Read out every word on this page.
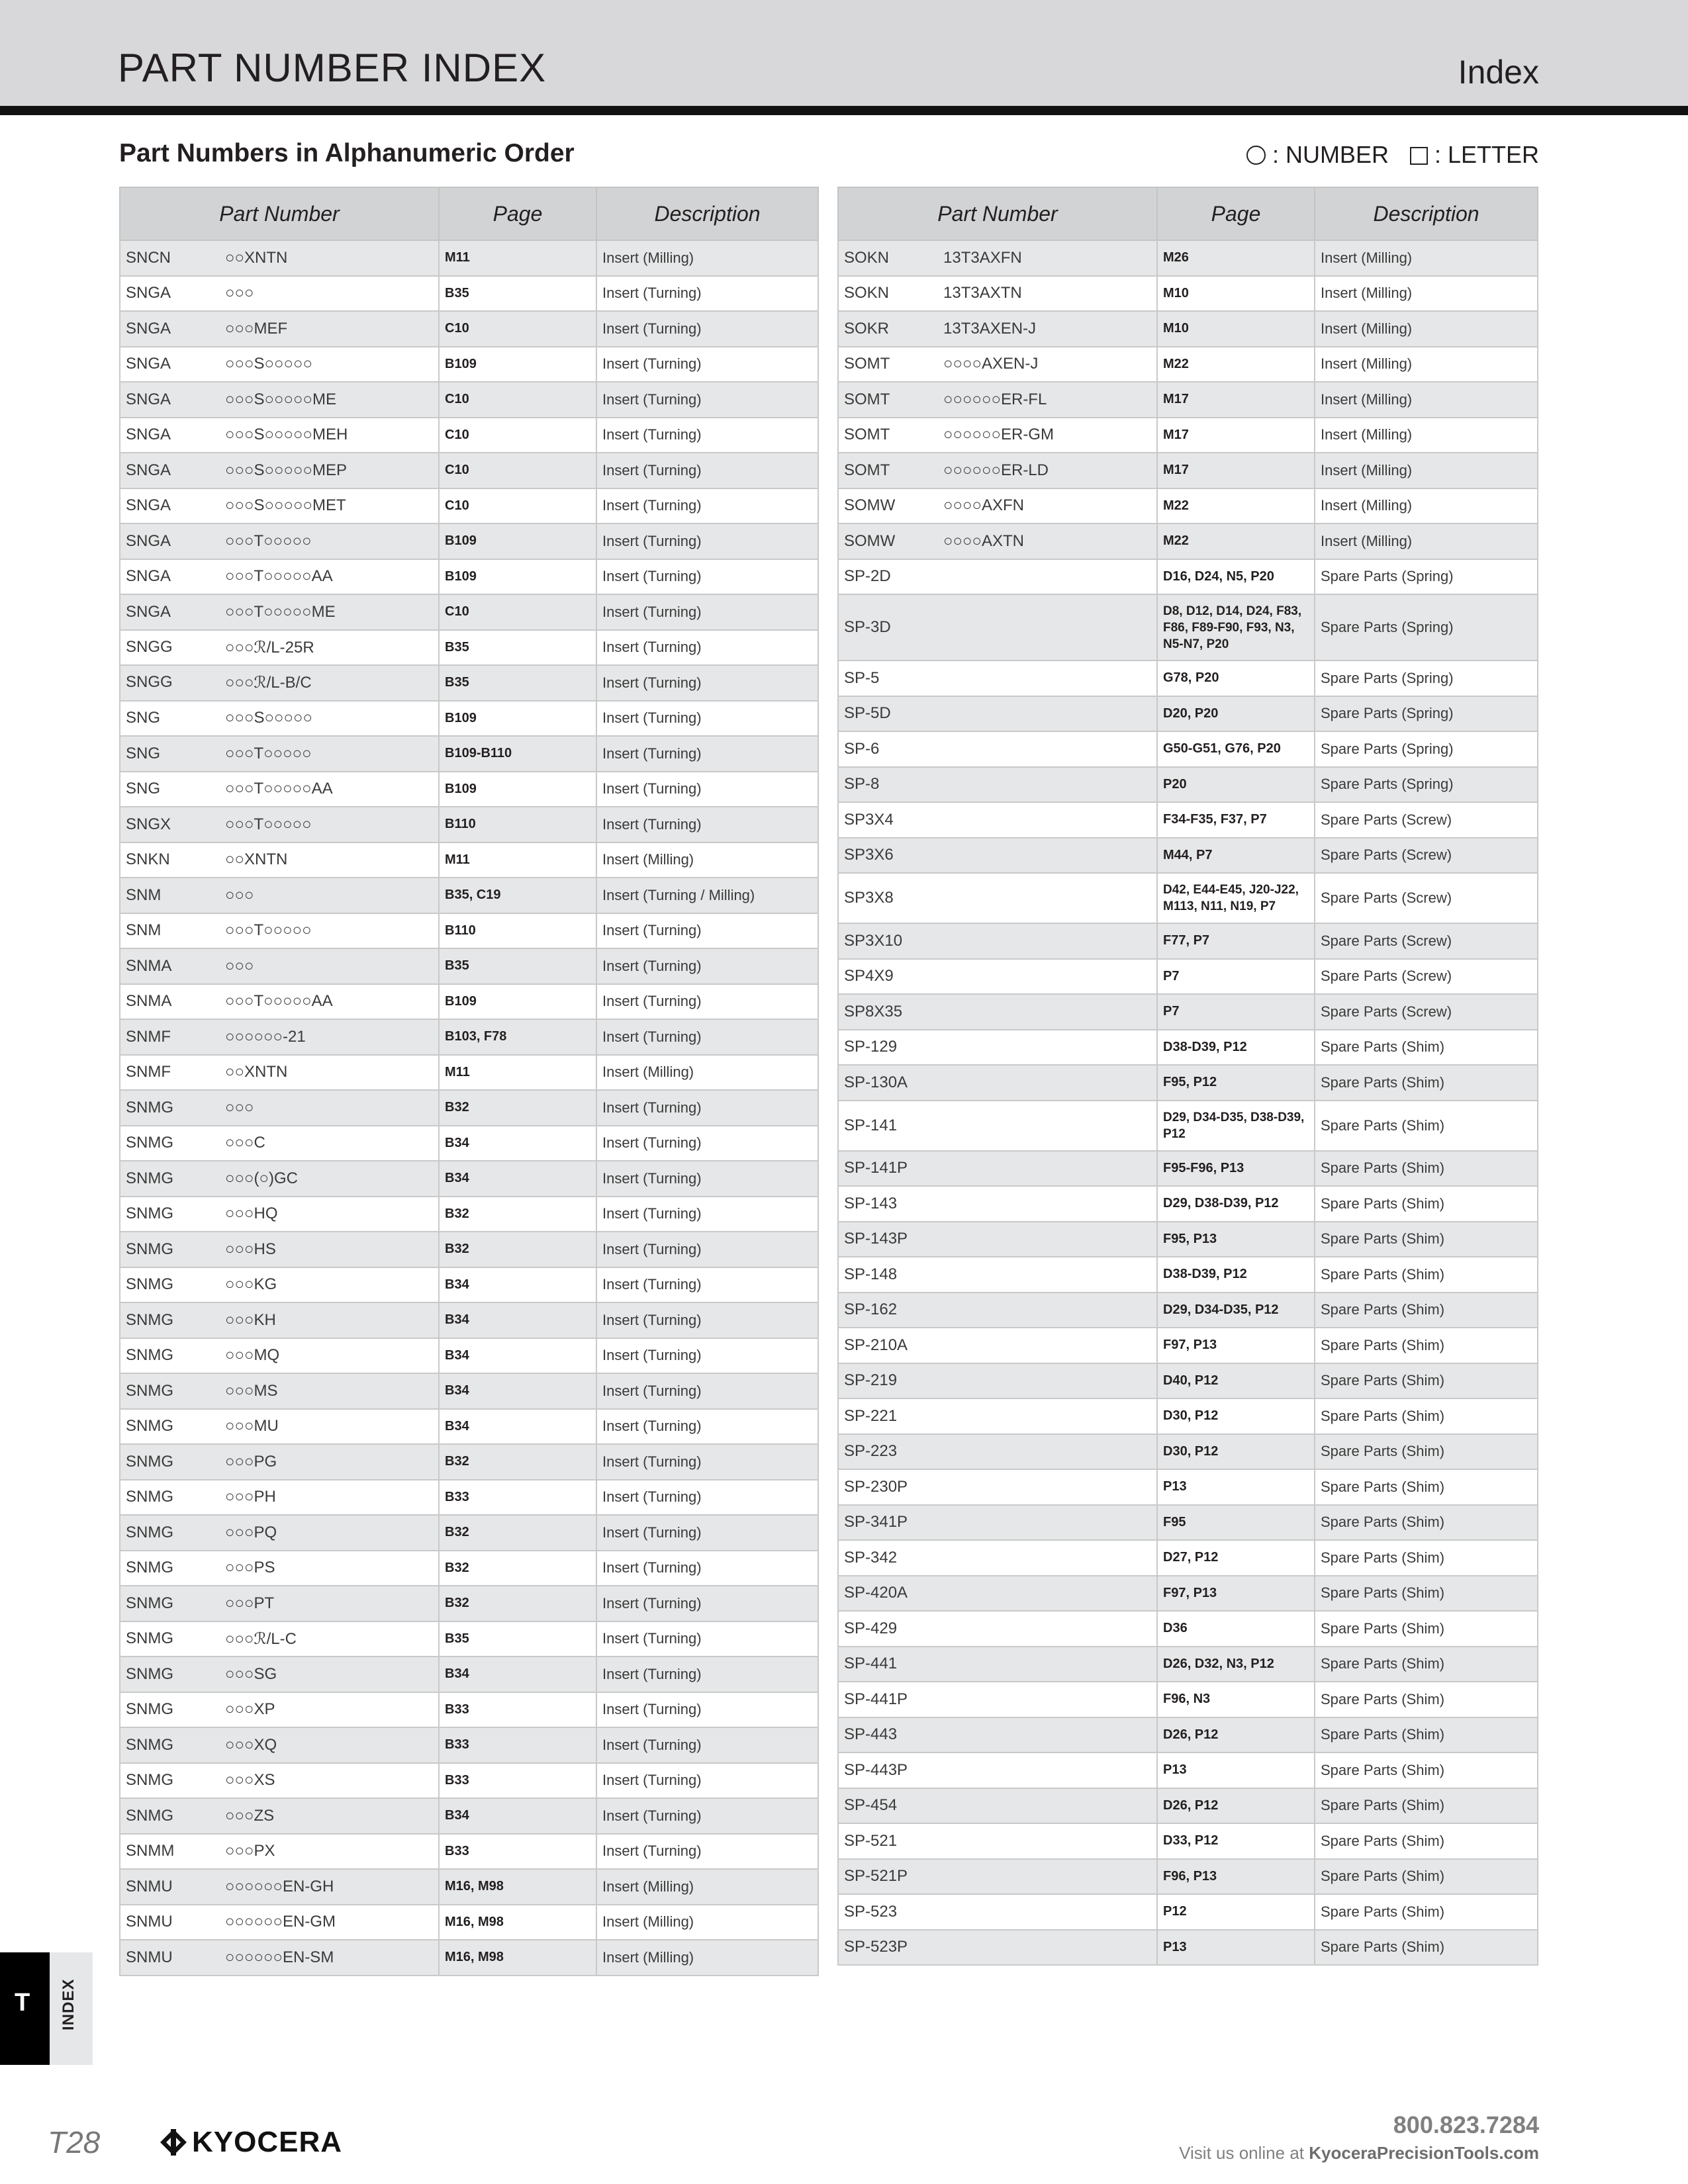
PART NUMBER INDEX	Index
Part Numbers in Alphanumeric Order	: NUMBER : LETTER
Part Number	Page	Description

SNCN ○○XNTN	M11	Insert (Milling)

SNGA ○○○	B35	Insert (Turning)

SNGA ○○○MEF	C10	Insert (Turning)

SNGA ○○○S○○○○○	B109	Insert (Turning)

SNGA ○○○S○○○○○ME	C10	Insert (Turning)

SNGA ○○○S○○○○○MEH	C10	Insert (Turning)

SNGA ○○○S○○○○○MEP	C10	Insert (Turning)

SNGA ○○○S○○○○○MET	C10	Insert (Turning)

SNGA ○○○T○○○○○	B109	Insert (Turning)

SNGA ○○○T○○○○○AA	B109	Insert (Turning)

SNGA ○○○T○○○○○ME	C10	Insert (Turning)

SNGG ○○○ℛ/L-25R	B35	Insert (Turning)

SNGG ○○○ℛ/L-B/C	B35	Insert (Turning)

SNG ○○○S○○○○○	B109	Insert (Turning)

SNG ○○○T○○○○○	B109-B110	Insert (Turning)

SNG ○○○T○○○○○AA	B109	Insert (Turning)

SNGX ○○○T○○○○○	B110	Insert (Turning)

SNKN ○○XNTN	M11	Insert (Milling)

SNM ○○○	B35, C19	Insert (Turning / Milling)

SNM ○○○T○○○○○	B110	Insert (Turning)

SNMA ○○○	B35	Insert (Turning)

SNMA ○○○T○○○○○AA	B109	Insert (Turning)

SNMF ○○○○○○-21	B103, F78	Insert (Turning)

SNMF ○○XNTN	M11	Insert (Milling)

SNMG ○○○	B32	Insert (Turning)

SNMG ○○○C	B34	Insert (Turning)

SNMG ○○○(○)GC	B34	Insert (Turning)

SNMG ○○○HQ	B32	Insert (Turning)

SNMG ○○○HS	B32	Insert (Turning)

SNMG ○○○KG	B34	Insert (Turning)

SNMG ○○○KH	B34	Insert (Turning)

SNMG ○○○MQ	B34	Insert (Turning)

SNMG ○○○MS	B34	Insert (Turning)

SNMG ○○○MU	B34	Insert (Turning)

SNMG ○○○PG	B32	Insert (Turning)

SNMG ○○○PH	B33	Insert (Turning)

SNMG ○○○PQ	B32	Insert (Turning)

SNMG ○○○PS	B32	Insert (Turning)

SNMG ○○○PT	B32	Insert (Turning)

SNMG ○○○ℛ/L-C	B35	Insert (Turning)

SNMG ○○○SG	B34	Insert (Turning)

SNMG ○○○XP	B33	Insert (Turning)

SNMG ○○○XQ	B33	Insert (Turning)

SNMG ○○○XS	B33	Insert (Turning)

SNMG ○○○ZS	B34	Insert (Turning)

SNMM ○○○PX	B33	Insert (Turning)

SNMU ○○○○○○EN-GH	M16, M98	Insert (Milling)

SNMU ○○○○○○EN-GM	M16, M98	Insert (Milling)

SNMU ○○○○○○EN-SM	M16, M98	Insert (Milling)
Part Number	Page	Description

SOKN 13T3AXFN	M26	Insert (Milling)

SOKN 13T3AXTN	M10	Insert (Milling)

SOKR 13T3AXEN-J	M10	Insert (Milling)

SOMT ○○○○AXEN-J	M22	Insert (Milling)

SOMT ○○○○○○ER-FL	M17	Insert (Milling)

SOMT ○○○○○○ER-GM	M17	Insert (Milling)

SOMT ○○○○○○ER-LD	M17	Insert (Milling)

SOMW ○○○○AXFN	M22	Insert (Milling)

SOMW ○○○○AXTN	M22	Insert (Milling)

SP-2D	D16, D24, N5, P20	Spare Parts (Spring)

SP-3D	D8, D12, D14, D24, F83, F86, F89-F90, F93, N3, N5-N7, P20	Spare Parts (Spring)

SP-5	G78, P20	Spare Parts (Spring)

SP-5D	D20, P20	Spare Parts (Spring)

SP-6	G50-G51, G76, P20	Spare Parts (Spring)

SP-8	P20	Spare Parts (Spring)

SP3X4	F34-F35, F37, P7	Spare Parts (Screw)

SP3X6	M44, P7	Spare Parts (Screw)

SP3X8	D42, E44-E45, J20-J22, M113, N11, N19, P7	Spare Parts (Screw)

SP3X10	F77, P7	Spare Parts (Screw)

SP4X9	P7	Spare Parts (Screw)

SP8X35	P7	Spare Parts (Screw)

SP-129	D38-D39, P12	Spare Parts (Shim)

SP-130A	F95, P12	Spare Parts (Shim)

SP-141	D29, D34-D35, D38-D39, P12	Spare Parts (Shim)

SP-141P	F95-F96, P13	Spare Parts (Shim)

SP-143	D29, D38-D39, P12	Spare Parts (Shim)

SP-143P	F95, P13	Spare Parts (Shim)

SP-148	D38-D39, P12	Spare Parts (Shim)

SP-162	D29, D34-D35, P12	Spare Parts (Shim)

SP-210A	F97, P13	Spare Parts (Shim)

SP-219	D40, P12	Spare Parts (Shim)

SP-221	D30, P12	Spare Parts (Shim)

SP-223	D30, P12	Spare Parts (Shim)

SP-230P	P13	Spare Parts (Shim)

SP-341P	F95	Spare Parts (Shim)

SP-342	D27, P12	Spare Parts (Shim)

SP-420A	F97, P13	Spare Parts (Shim)

SP-429	D36	Spare Parts (Shim)

SP-441	D26, D32, N3, P12	Spare Parts (Shim)

SP-441P	F96, N3	Spare Parts (Shim)

SP-443	D26, P12	Spare Parts (Shim)

SP-443P	P13	Spare Parts (Shim)

SP-454	D26, P12	Spare Parts (Shim)

SP-521	D33, P12	Spare Parts (Shim)

SP-521P	F96, P13	Spare Parts (Shim)

SP-523	P12	Spare Parts (Shim)

SP-523P	P13	Spare Parts (Shim)
T INDEX
T28	KYOCERA
800.823.7284
Visit us online at KyoceraPrecisionTools.com
